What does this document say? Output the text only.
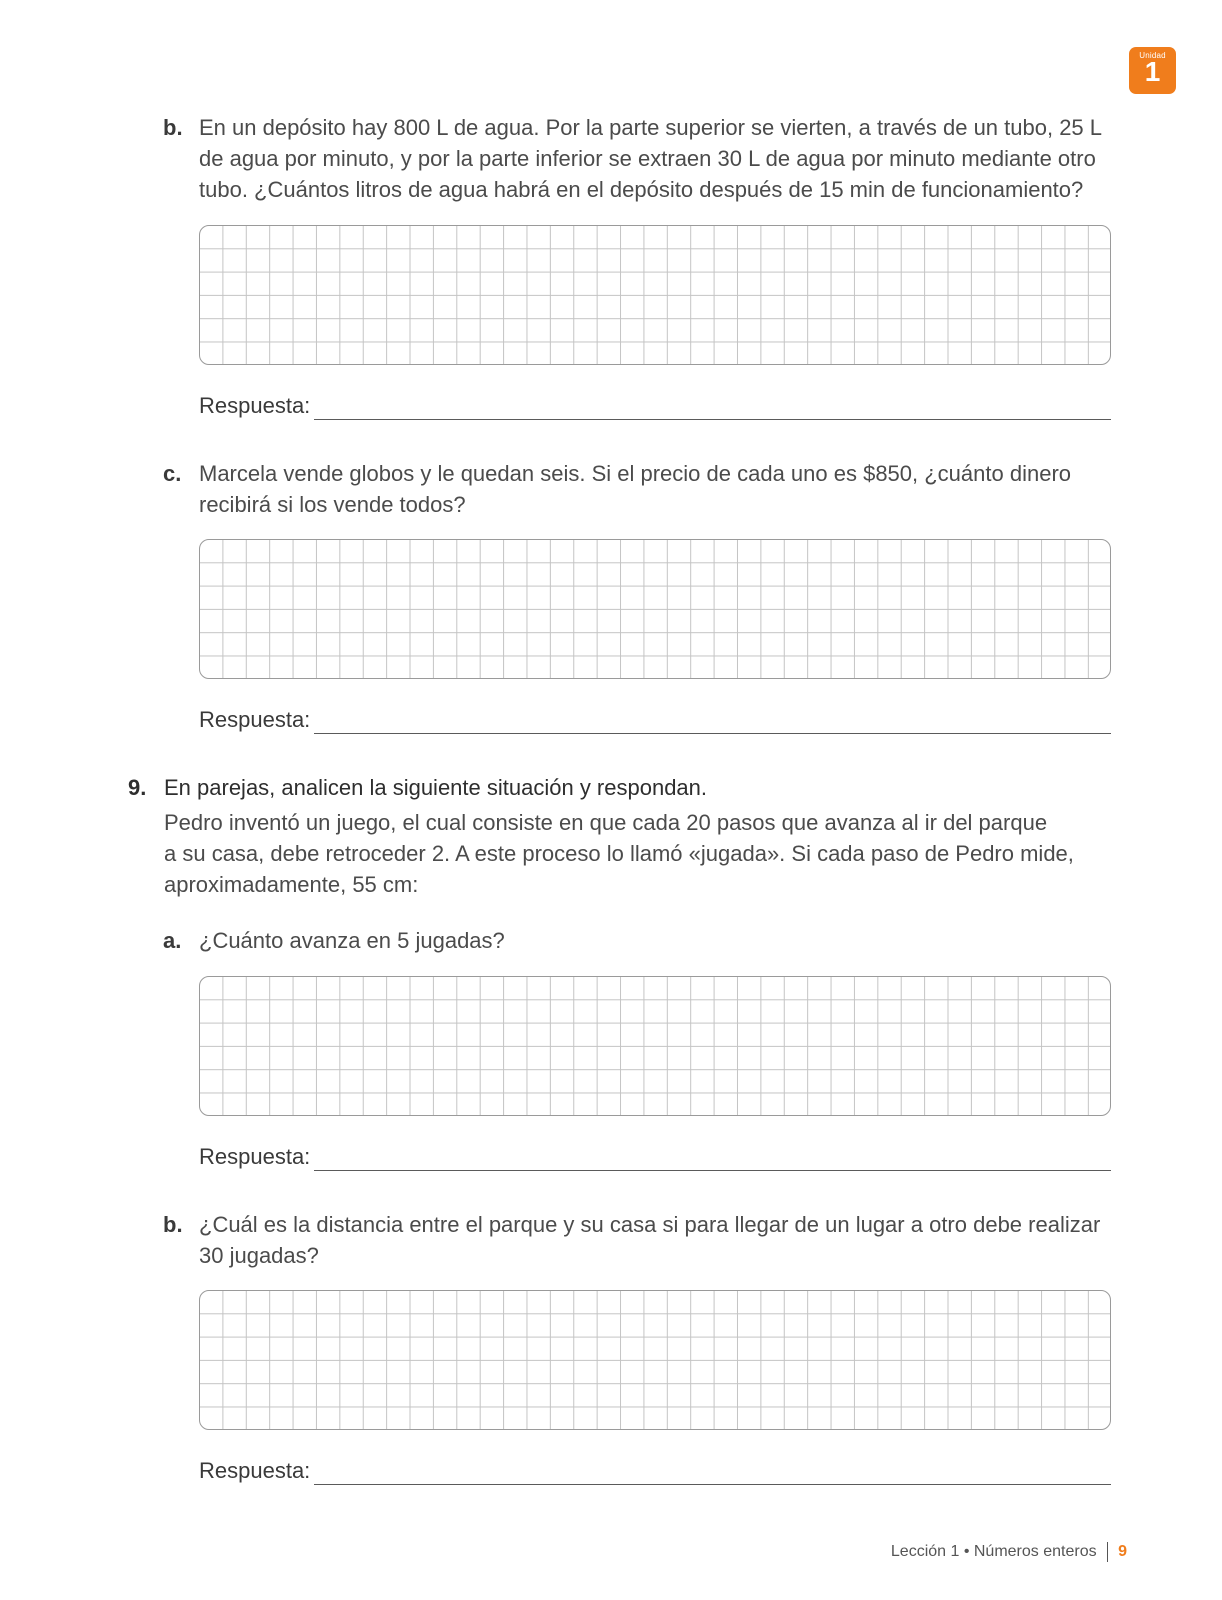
Unidad
1
b. En un depósito hay 800 L de agua. Por la parte superior se vierten, a través de un tubo, 25 L
de agua por minuto, y por la parte inferior se extraen 30 L de agua por minuto mediante otro
tubo. ¿Cuántos litros de agua habrá en el depósito después de 15 min de funcionamiento?
Respuesta:
c. Marcela vende globos y le quedan seis. Si el precio de cada uno es $850, ¿cuánto dinero
recibirá si los vende todos?
Respuesta:
9. En parejas, analicen la siguiente situación y respondan.
Pedro inventó un juego, el cual consiste en que cada 20 pasos que avanza al ir del parque
a su casa, debe retroceder 2. A este proceso lo llamó «jugada». Si cada paso de Pedro mide,
aproximadamente, 55 cm:
a. ¿Cuánto avanza en 5 jugadas?
Respuesta:
b. ¿Cuál es la distancia entre el parque y su casa si para llegar de un lugar a otro debe realizar
30 jugadas?
Respuesta:
Lección 1 • Números enteros 9
